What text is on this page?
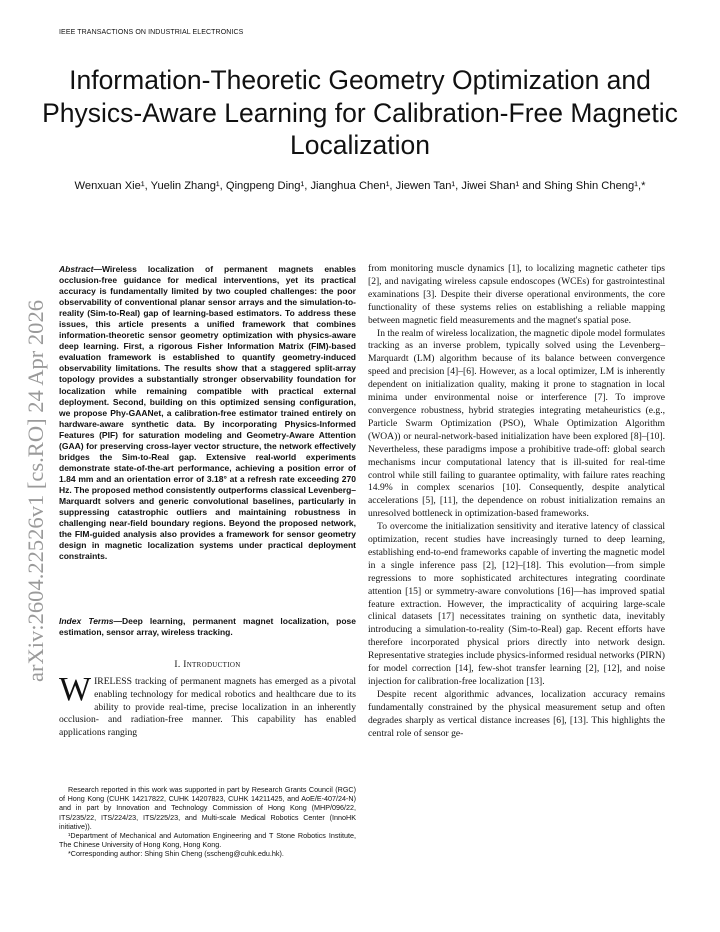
IEEE TRANSACTIONS ON INDUSTRIAL ELECTRONICS
Information-Theoretic Geometry Optimization and Physics-Aware Learning for Calibration-Free Magnetic Localization
Wenxuan Xie¹, Yuelin Zhang¹, Qingpeng Ding¹, Jianghua Chen¹, Jiewen Tan¹, Jiwei Shan¹ and Shing Shin Cheng¹,*
arXiv:2604.22526v1 [cs.RO] 24 Apr 2026
Abstract—Wireless localization of permanent magnets enables occlusion-free guidance for medical interventions, yet its practical accuracy is fundamentally limited by two coupled challenges: the poor observability of conventional planar sensor arrays and the simulation-to-reality (Sim-to-Real) gap of learning-based estimators. To address these issues, this article presents a unified framework that combines information-theoretic sensor geometry optimization with physics-aware deep learning. First, a rigorous Fisher Information Matrix (FIM)-based evaluation framework is established to quantify geometry-induced observability limitations. The results show that a staggered split-array topology provides a substantially stronger observability foundation for localization while remaining compatible with practical external deployment. Second, building on this optimized sensing configuration, we propose Phy-GAANet, a calibration-free estimator trained entirely on hardware-aware synthetic data. By incorporating Physics-Informed Features (PIF) for saturation modeling and Geometry-Aware Attention (GAA) for preserving cross-layer vector structure, the network effectively bridges the Sim-to-Real gap. Extensive real-world experiments demonstrate state-of-the-art performance, achieving a position error of 1.84 mm and an orientation error of 3.18° at a refresh rate exceeding 270 Hz. The proposed method consistently outperforms classical Levenberg–Marquardt solvers and generic convolutional baselines, particularly in suppressing catastrophic outliers and maintaining robustness in challenging near-field boundary regions. Beyond the proposed network, the FIM-guided analysis also provides a framework for sensor geometry design in magnetic localization systems under practical deployment constraints.
Index Terms—Deep learning, permanent magnet localization, pose estimation, sensor array, wireless tracking.
I. Introduction
WIRELESS tracking of permanent magnets has emerged as a pivotal enabling technology for medical robotics and healthcare due to its ability to provide real-time, precise localization in an inherently occlusion- and radiation-free manner. This capability has enabled applications ranging

Research reported in this work was supported in part by Research Grants Council (RGC) of Hong Kong (CUHK 14217822, CUHK 14207823, CUHK 14211425, and AoE/E-407/24-N) and in part by Innovation and Technology Commission of Hong Kong (MHP/096/22, ITS/235/22, ITS/224/23, ITS/225/23, and Multi-scale Medical Robotics Center (InnoHK initiative)).

¹Department of Mechanical and Automation Engineering and T Stone Robotics Institute, The Chinese University of Hong Kong, Hong Kong.

*Corresponding author: Shing Shin Cheng (sscheng@cuhk.edu.hk).

from monitoring muscle dynamics [1], to localizing magnetic catheter tips [2], and navigating wireless capsule endoscopes (WCEs) for gastrointestinal examinations [3]. Despite their diverse operational environments, the core functionality of these systems relies on establishing a reliable mapping between magnetic field measurements and the magnet's spatial pose.

In the realm of wireless localization, the magnetic dipole model formulates tracking as an inverse problem, typically solved using the Levenberg–Marquardt (LM) algorithm because of its balance between convergence speed and precision [4]–[6]. However, as a local optimizer, LM is inherently dependent on initialization quality, making it prone to stagnation in local minima under environmental noise or interference [7]. To improve convergence robustness, hybrid strategies integrating metaheuristics (e.g., Particle Swarm Optimization (PSO), Whale Optimization Algorithm (WOA)) or neural-network-based initialization have been explored [8]–[10]. Nevertheless, these paradigms impose a prohibitive trade-off: global search mechanisms incur computational latency that is ill-suited for real-time control while still failing to guarantee optimality, with failure rates reaching 14.9% in complex scenarios [10]. Consequently, despite analytical accelerations [5], [11], the dependence on robust initialization remains an unresolved bottleneck in optimization-based frameworks.

To overcome the initialization sensitivity and iterative latency of classical optimization, recent studies have increasingly turned to deep learning, establishing end-to-end frameworks capable of inverting the magnetic model in a single inference pass [2], [12]–[18]. This evolution—from simple regressions to more sophisticated architectures integrating coordinate attention [15] or symmetry-aware convolutions [16]—has improved spatial feature extraction. However, the impracticality of acquiring large-scale clinical datasets [17] necessitates training on synthetic data, inevitably introducing a simulation-to-reality (Sim-to-Real) gap. Recent efforts have therefore incorporated physical priors directly into network design. Representative strategies include physics-informed residual networks (PIRN) for model correction [14], few-shot transfer learning [2], [12], and noise injection for calibration-free localization [13].

Despite recent algorithmic advances, localization accuracy remains fundamentally constrained by the physical measurement setup and often degrades sharply as vertical distance increases [6], [13]. This highlights the central role of sensor ge-
